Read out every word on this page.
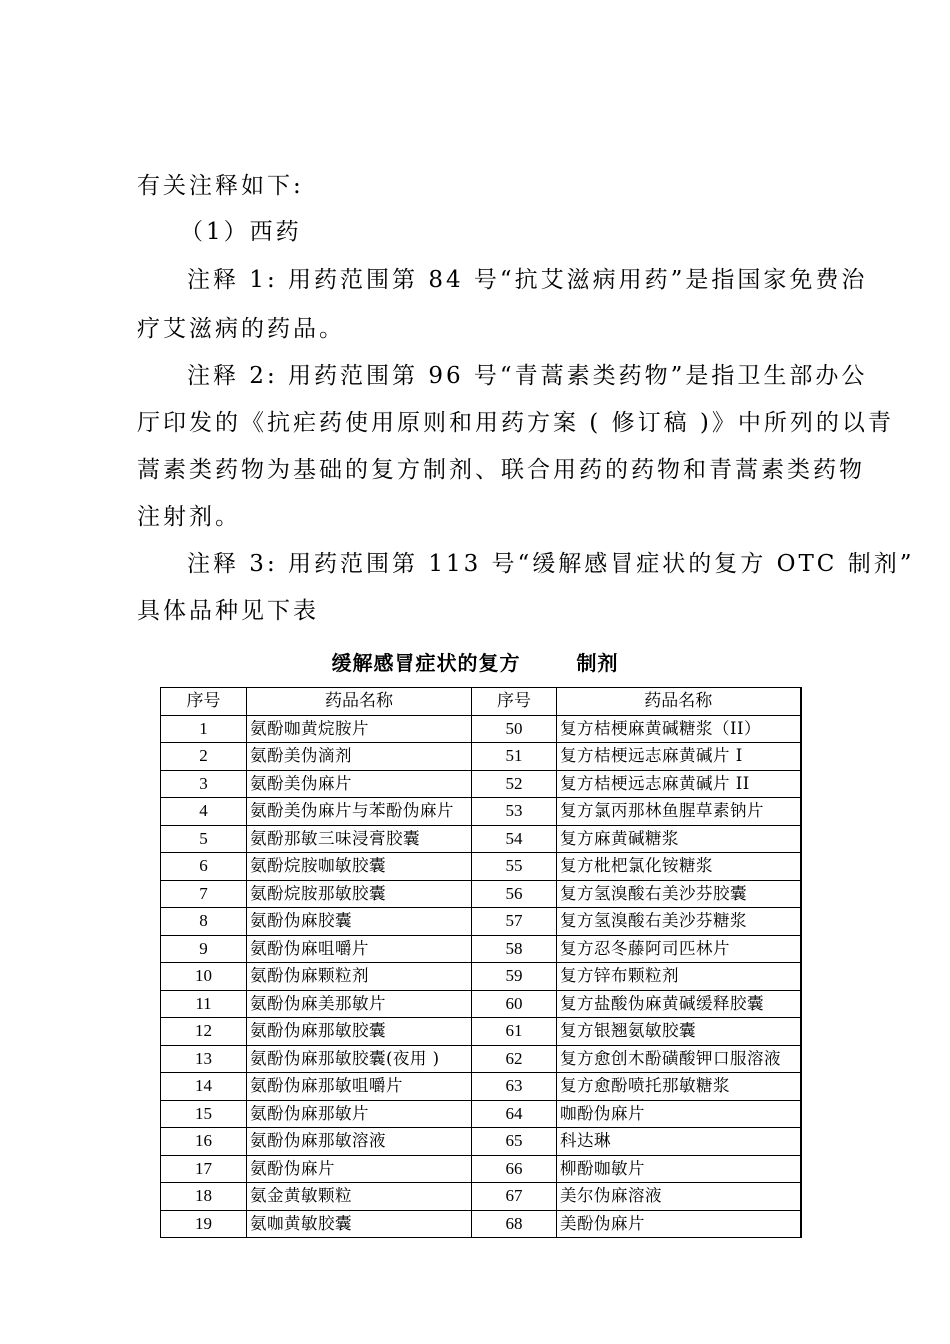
有关注释如下:
（1）西药
注释 1: 用药范围第 84 号“抗艾滋病用药”是指国家免费治
疗艾滋病的药品。
注释 2: 用药范围第 96 号“青蒿素类药物”是指卫生部办公
厅印发的《抗疟药使用原则和用药方案 ( 修订稿 )》中所列的以青
蒿素类药物为基础的复方制剂、联合用药的药物和青蒿素类药物
注射剂。
注释 3: 用药范围第 113 号“缓解感冒症状的复方 OTC 制剂”
具体品种见下表
缓解感冒症状的复方	制剂
序号	药品名称	序号	药品名称
1	氨酚咖黄烷胺片	50	复方桔梗麻黄碱糖浆（II）
2	氨酚美伪滴剂	51	复方桔梗远志麻黄碱片 I
3	氨酚美伪麻片	52	复方桔梗远志麻黄碱片 II
4	氨酚美伪麻片与苯酚伪麻片	53	复方氯丙那林鱼腥草素钠片
5	氨酚那敏三味浸膏胶囊	54	复方麻黄碱糖浆
6	氨酚烷胺咖敏胶囊	55	复方枇杷氯化铵糖浆
7	氨酚烷胺那敏胶囊	56	复方氢溴酸右美沙芬胶囊
8	氨酚伪麻胶囊	57	复方氢溴酸右美沙芬糖浆
9	氨酚伪麻咀嚼片	58	复方忍冬藤阿司匹林片
10	氨酚伪麻颗粒剂	59	复方锌布颗粒剂
11	氨酚伪麻美那敏片	60	复方盐酸伪麻黄碱缓释胶囊
12	氨酚伪麻那敏胶囊	61	复方银翘氨敏胶囊
13	氨酚伪麻那敏胶囊(夜用 )	62	复方愈创木酚磺酸钾口服溶液
14	氨酚伪麻那敏咀嚼片	63	复方愈酚喷托那敏糖浆
15	氨酚伪麻那敏片	64	咖酚伪麻片
16	氨酚伪麻那敏溶液	65	科达琳
17	氨酚伪麻片	66	柳酚咖敏片
18	氨金黄敏颗粒	67	美尔伪麻溶液
19	氨咖黄敏胶囊	68	美酚伪麻片
